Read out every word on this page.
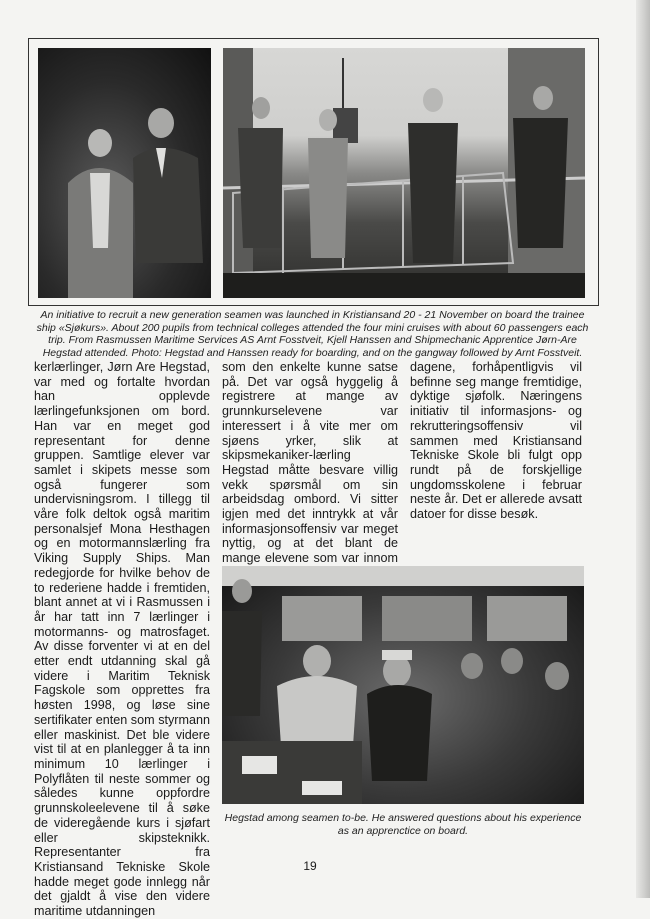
An initiative to recruit a new generation seamen was launched in Kristiansand 20 - 21 November on board the trainee ship «Sjøkurs». About 200 pupils from technical colleges attended the four mini cruises with about 60 passengers each trip. From Rasmussen Maritime Services AS Arnt Fosstveit, Kjell Hanssen and Shipmechanic Apprentice Jørn-Are Hegstad attended. Photo: Hegstad and Hanssen ready for boarding, and on the gangway followed by Arnt Fosstveit.

kerlærlinger, Jørn Are Hegstad, var med og fortalte hvordan han opplevde lærlingefunksjonen om bord. Han var en meget god representant for denne gruppen. Samtlige elever var samlet i skipets messe som også fungerer som undervisningsrom. I tillegg til våre folk deltok også maritim personalsjef Mona Hesthagen og en motormannslærling fra Viking Supply Ships. Man redegjorde for hvilke behov de to rederiene hadde i fremtiden, blant annet at vi i Rasmussen i år har tatt inn 7 lærlinger i motormanns- og matrosfaget. Av disse forventer vi at en del etter endt utdanning skal gå videre i Maritim Teknisk Fagskole som opprettes fra høsten 1998, og løse sine sertifikater enten som styrmann eller maskinist. Det ble videre vist til at en planlegger å ta inn minimum 10 lærlinger i Polyflåten til neste sommer og således kunne oppfordre grunnskoleelevene til å søke de videregående kurs i sjøfart eller skipsteknikk. Representanter fra Kristiansand Tekniske Skole hadde meget gode innlegg når det gjaldt å vise den videre maritime utdanningen

som den enkelte kunne satse på. Det var også hyggelig å registrere at mange av grunnkurselevene var interessert i å vite mer om sjøens yrker, slik at skipsmekaniker-lærling Hegstad måtte besvare villig vekk spørsmål om sin arbeidsdag ombord. Vi sitter igjen med det inntrykk at vår informasjonsoffensiv var meget nyttig, og at det blant de mange elevene som var innom

dagene, forhåpentligvis vil befinne seg mange fremtidige, dyktige sjøfolk. Næringens initiativ til informasjons- og rekrutteringsoffensiv vil sammen med Kristiansand Tekniske Skole bli fulgt opp rundt på de forskjellige ungdomsskolene i februar neste år. Det er allerede avsatt datoer for disse besøk.

Hegstad among seamen to-be. He answered questions about his experience as an apprenctice on board.
19
